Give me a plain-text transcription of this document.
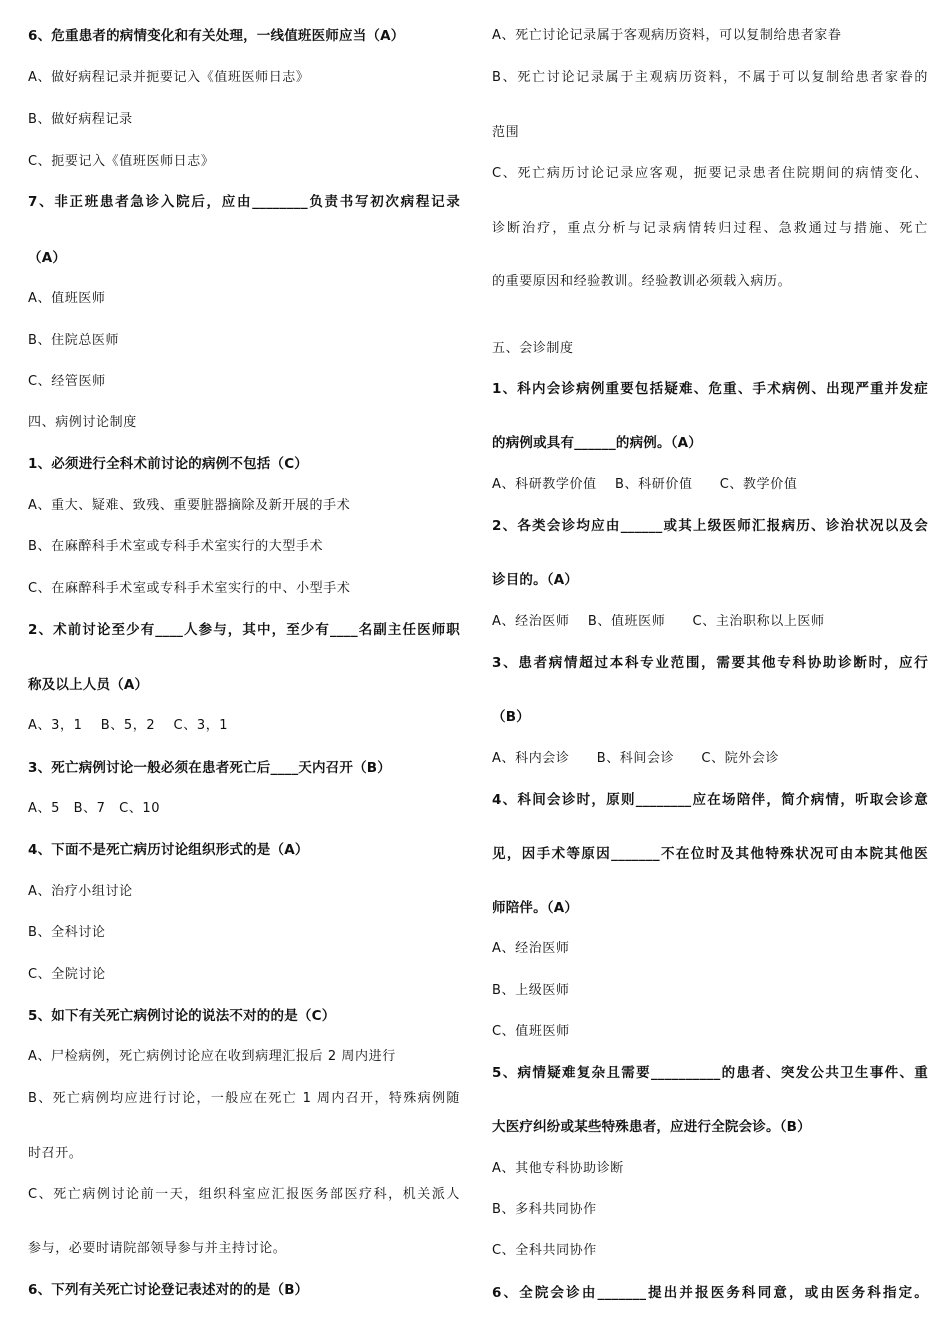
6、危重患者的病情变化和有关处理，一线值班医师应当（A）
A、做好病程记录并扼要记入《值班医师日志》
B、做好病程记录
C、扼要记入《值班医师日志》
7、非正班患者急诊入院后，应由________负责书写初次病程记录
（A）
A、值班医师
B、住院总医师
C、经管医师
四、病例讨论制度
1、必须进行全科术前讨论的病例不包括（C）
A、重大、疑难、致残、重要脏器摘除及新开展的手术
B、在麻醉科手术室或专科手术室实行的大型手术
C、在麻醉科手术室或专科手术室实行的中、小型手术
2、术前讨论至少有____人参与，其中，至少有____名副主任医师职
称及以上人员（A）
A、3，1　 B、5，2　 C、3，1
3、死亡病例讨论一般必须在患者死亡后____天内召开（B）
A、5　B、7　C、10
4、下面不是死亡病历讨论组织形式的是（A）
A、治疗小组讨论
B、全科讨论
C、全院讨论
5、如下有关死亡病例讨论的说法不对的的是（C）
A、尸检病例，死亡病例讨论应在收到病理汇报后 2 周内进行
B、死亡病例均应进行讨论，一般应在死亡 1 周内召开，特殊病例随
时召开。
C、死亡病例讨论前一天，组织科室应汇报医务部医疗科，机关派人
参与，必要时请院部领导参与并主持讨论。
6、下列有关死亡讨论登记表述对的的是（B）
A、死亡讨论记录属于客观病历资料，可以复制给患者家眷
B、死亡讨论记录属于主观病历资料，不属于可以复制给患者家眷的
范围
C、死亡病历讨论记录应客观，扼要记录患者住院期间的病情变化、
诊断治疗，重点分析与记录病情转归过程、急救通过与措施、死亡
的重要原因和经验教训。经验教训必须载入病历。
五、会诊制度
1、科内会诊病例重要包括疑难、危重、手术病例、出现严重并发症
的病例或具有______的病例。（A）
A、科研教学价值　 B、科研价值　　C、教学价值
2、各类会诊均应由______或其上级医师汇报病历、诊治状况以及会
诊目的。（A）
A、经治医师　 B、值班医师　　C、主治职称以上医师
3、患者病情超过本科专业范围，需要其他专科协助诊断时，应行
（B）
A、科内会诊　　B、科间会诊　　C、院外会诊
4、科间会诊时，原则________应在场陪伴，简介病情，听取会诊意
见，因手术等原因_______不在位时及其他特殊状况可由本院其他医
师陪伴。（A）
A、经治医师
B、上级医师
C、值班医师
5、病情疑难复杂且需要__________的患者、突发公共卫生事件、重
大医疗纠纷或某些特殊患者，应进行全院会诊。（B）
A、其他专科协助诊断
B、多科共同协作
C、全科共同协作
6、全院会诊由_______提出并报医务科同意，或由医务科指定。
